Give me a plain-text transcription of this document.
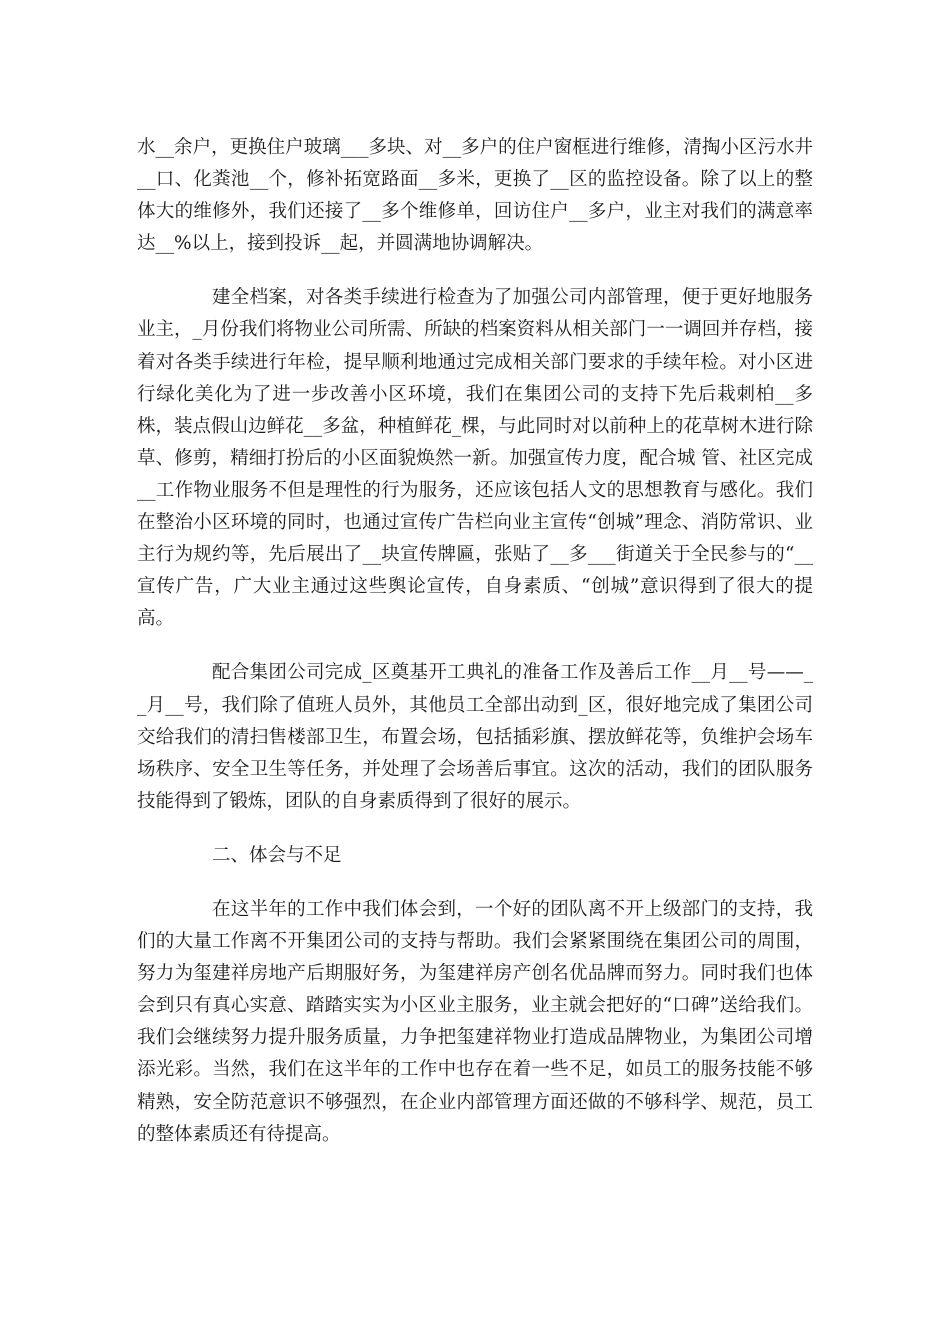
水__余户，更换住户玻璃___多块、对__多户的住户窗框进行维修，清掏小区污水井__口、化粪池__个，修补拓宽路面__多米，更换了__区的监控设备。除了以上的整体大的维修外，我们还接了__多个维修单，回访住户__多户，业主对我们的满意率达__%以上，接到投诉__起，并圆满地协调解决。

建全档案，对各类手续进行检查为了加强公司内部管理，便于更好地服务业主，_月份我们将物业公司所需、所缺的档案资料从相关部门一一调回并存档，接着对各类手续进行年检，提早顺利地通过完成相关部门要求的手续年检。对小区进行绿化美化为了进一步改善小区环境，我们在集团公司的支持下先后栽刺柏__多株，装点假山边鲜花__多盆，种植鲜花_棵，与此同时对以前种上的花草树木进行除草、修剪，精细打扮后的小区面貌焕然一新。加强宣传力度，配合城 管、社区完成__工作物业服务不但是理性的行为服务，还应该包括人文的思想教育与感化。我们在整治小区环境的同时，也通过宣传广告栏向业主宣传“创城”理念、消防常识、业主行为规约等，先后展出了__块宣传牌匾，张贴了__多___街道关于全民参与的“__宣传广告，广大业主通过这些舆论宣传，自身素质、“创城”意识得到了很大的提高。

配合集团公司完成_区奠基开工典礼的准备工作及善后工作__月__号——__月__号，我们除了值班人员外，其他员工全部出动到_区，很好地完成了集团公司交给我们的清扫售楼部卫生，布置会场，包括插彩旗、摆放鲜花等，负维护会场车场秩序、安全卫生等任务，并处理了会场善后事宜。这次的活动，我们的团队服务技能得到了锻炼，团队的自身素质得到了很好的展示。

二、体会与不足

在这半年的工作中我们体会到，一个好的团队离不开上级部门的支持，我们的大量工作离不开集团公司的支持与帮助。我们会紧紧围绕在集团公司的周围，努力为玺建祥房地产后期服好务，为玺建祥房产创名优品牌而努力。同时我们也体会到只有真心实意、踏踏实实为小区业主服务，业主就会把好的“口碑”送给我们。我们会继续努力提升服务质量，力争把玺建祥物业打造成品牌物业，为集团公司增添光彩。当然，我们在这半年的工作中也存在着一些不足，如员工的服务技能不够精熟，安全防范意识不够强烈，在企业内部管理方面还做的不够科学、规范，员工的整体素质还有待提高。
